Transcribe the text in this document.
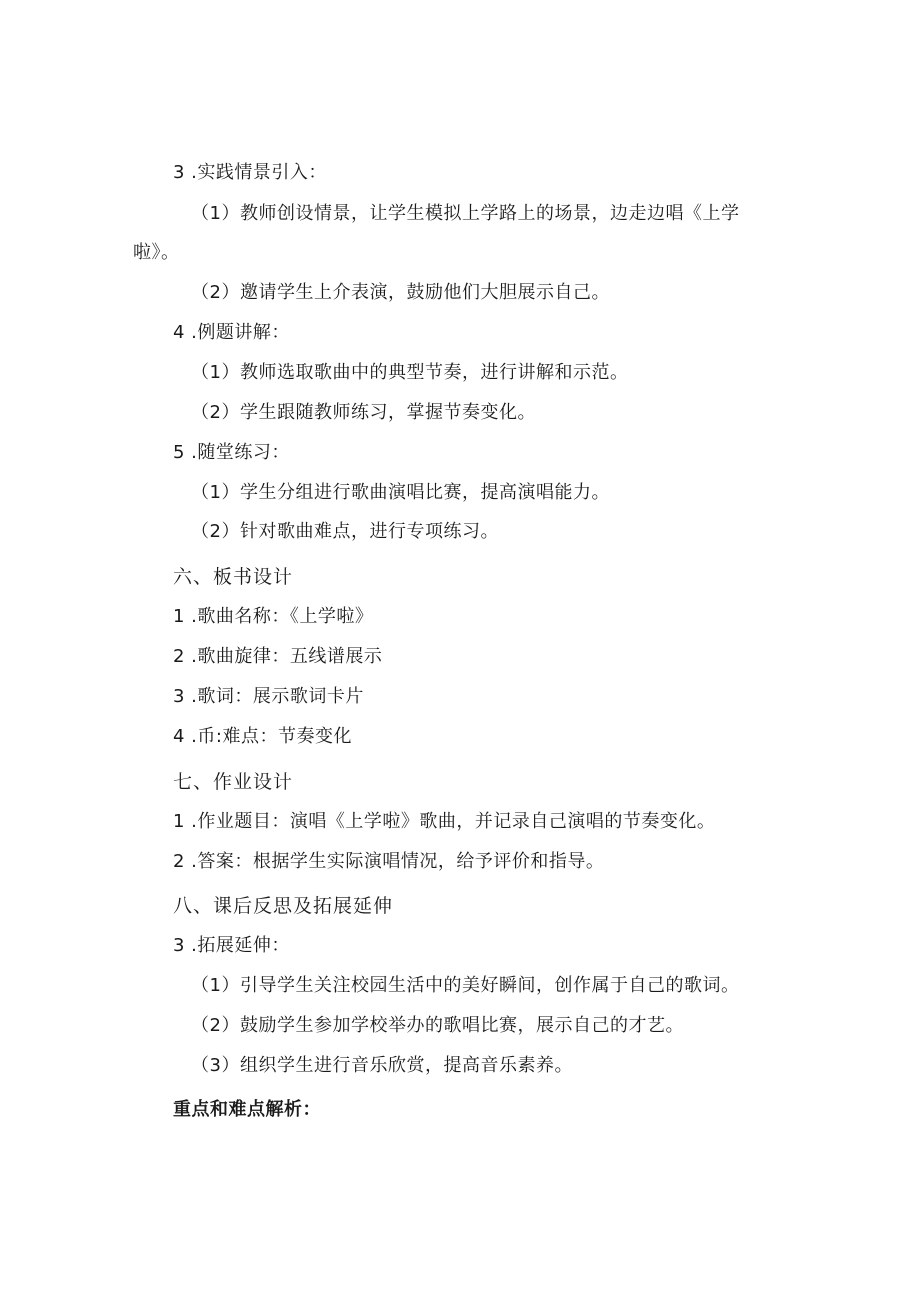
3 .实践情景引入：
（1）教师创设情景，让学生模拟上学路上的场景，边走边唱《上学
啦》。
（2）邀请学生上介表演，鼓励他们大胆展示自己。
4 .例题讲解：
（1）教师选取歌曲中的典型节奏，进行讲解和示范。
（2）学生跟随教师练习，掌握节奏变化。
5 .随堂练习：
（1）学生分组进行歌曲演唱比赛，提高演唱能力。
（2）针对歌曲难点，进行专项练习。
六、板书设计
1 .歌曲名称：《上学啦》
2 .歌曲旋律：五线谱展示
3 .歌词：展示歌词卡片
4 .币:难点：节奏变化
七、作业设计
1 .作业题目：演唱《上学啦》歌曲，并记录自己演唱的节奏变化。
2 .答案：根据学生实际演唱情况，给予评价和指导。
八、课后反思及拓展延伸
3 .拓展延伸：
（1）引导学生关注校园生活中的美好瞬间，创作属于自己的歌词。
（2）鼓励学生参加学校举办的歌唱比赛，展示自己的才艺。
（3）组织学生进行音乐欣赏，提高音乐素养。
重点和难点解析：
